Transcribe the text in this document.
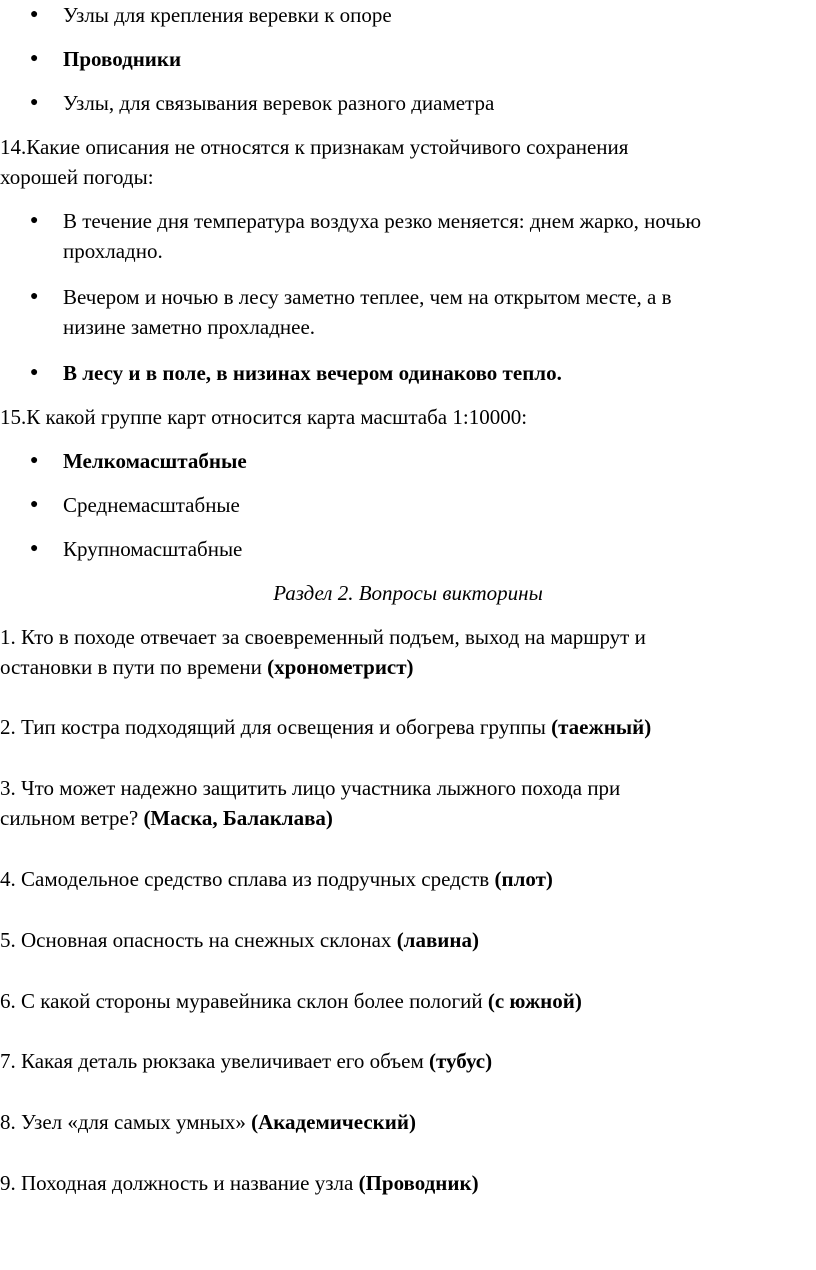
● Узлы для крепления веревки к опоре
● Проводники
● Узлы, для связывания веревок разного диаметра
14.Какие описания не относятся к признакам устойчивого сохранения
хорошей погоды:
● В течение дня температура воздуха резко меняется: днем жарко, ночью
прохладно.
● Вечером и ночью в лесу заметно теплее, чем на открытом месте, а в
низине заметно прохладнее.
● В лесу и в поле, в низинах вечером одинаково тепло.
15.К какой группе карт относится карта масштаба 1:10000:
● Мелкомасштабные
● Среднемасштабные
● Крупномасштабные
Раздел 2. Вопросы викторины
1. Кто в походе отвечает за своевременный подъем, выход на маршрут и
остановки в пути по времени (хронометрист)
2. Тип костра подходящий для освещения и обогрева группы (таежный)
3. Что может надежно защитить лицо участника лыжного похода при
сильном ветре? (Маска, Балаклава)
4. Самодельное средство сплава из подручных средств (плот)
5. Основная опасность на снежных склонах (лавина)
6. С какой стороны муравейника склон более пологий (с южной)
7. Какая деталь рюкзака увеличивает его объем (тубус)
8. Узел «для самых умных» (Академический)
9. Походная должность и название узла (Проводник)
